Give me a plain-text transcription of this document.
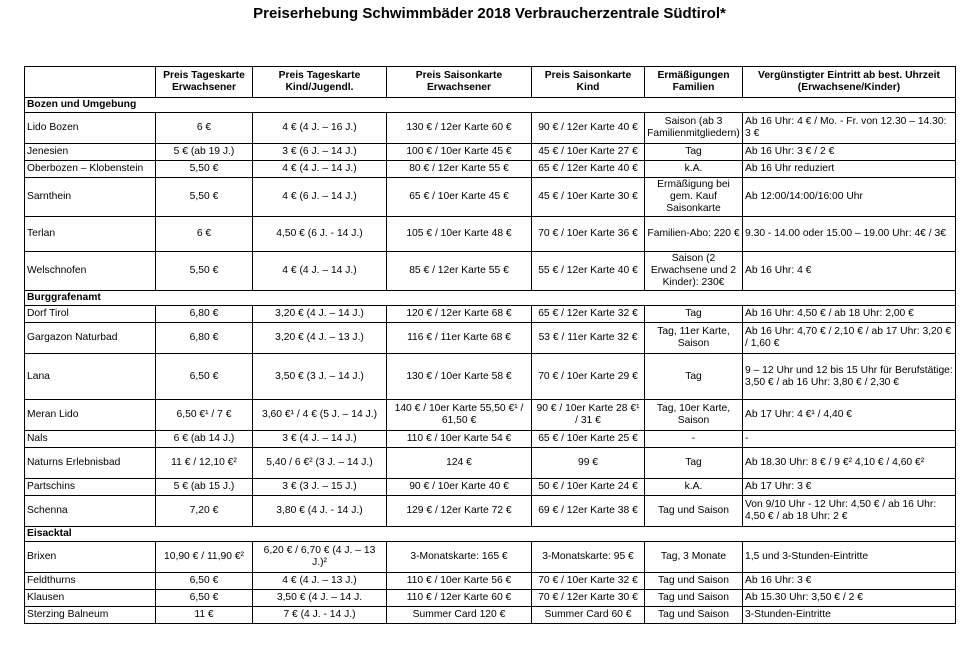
Preiserhebung Schwimmbäder 2018 Verbraucherzentrale Südtirol*
	Preis Tageskarte Erwachsener	Preis Tageskarte Kind/Jugendl.	Preis Saisonkarte Erwachsener	Preis Saisonkarte Kind	Ermäßigungen Familien	Vergünstigter Eintritt ab best. Uhrzeit (Erwachsene/Kinder)
Bozen und Umgebung						
Lido Bozen	6 €	4 € (4 J. – 16 J.)	130 € / 12er Karte 60 €	90 € / 12er Karte 40 €	Saison (ab 3 Familienmitgliedern)	Ab 16 Uhr: 4 € / Mo. - Fr. von 12.30 – 14.30: 3 €
Jenesien	5 € (ab 19 J.)	3 € (6 J. – 14 J.)	100 € / 10er Karte 45 €	45 € / 10er Karte 27 €	Tag	Ab 16 Uhr: 3 € / 2 €
Oberbozen – Klobenstein	5,50 €	4 € (4 J. – 14 J.)	80 € / 12er Karte 55 €	65 € / 12er Karte 40 €	k.A.	Ab 16 Uhr reduziert
Sarnthein	5,50 €	4 € (6 J. – 14 J.)	65 € / 10er Karte 45 €	45 € / 10er Karte 30 €	Ermäßigung bei gem. Kauf Saisonkarte	Ab 12:00/14:00/16:00 Uhr
Terlan	6 €	4,50 € (6 J. - 14 J.)	105 € / 10er Karte 48 €	70 € / 10er Karte 36 €	Familien-Abo: 220 €	9.30 - 14.00 oder 15.00 – 19.00 Uhr: 4€ / 3€
Welschnofen	5,50 €	4 € (4 J. – 14 J.)	85 € / 12er Karte 55 €	55 € / 12er Karte 40 €	Saison (2 Erwachsene und 2 Kinder): 230€	Ab 16 Uhr: 4 €
Burggrafenamt						
Dorf Tirol	6,80 €	3,20 € (4 J. – 14 J.)	120 € / 12er Karte 68 €	65 € / 12er Karte 32 €	Tag	Ab 16 Uhr: 4,50 € / ab 18 Uhr: 2,00 €
Gargazon Naturbad	6,80 €	3,20 € (4 J. – 13 J.)	116 € / 11er Karte 68 €	53 € / 11er Karte 32 €	Tag, 11er Karte, Saison	Ab 16 Uhr: 4,70 € / 2,10 € / ab 17 Uhr: 3,20 € / 1,60 €
Lana	6,50 €	3,50 € (3 J. – 14 J.)	130 € / 10er Karte 58 €	70 € / 10er Karte 29 €	Tag	9 – 12 Uhr und 12 bis 15 Uhr für Berufstätige: 3,50 € / ab 16 Uhr: 3,80 € / 2,30 €
Meran Lido	6,50 €¹ / 7 €	3,60 €¹ / 4 € (5 J. – 14 J.)	140 € / 10er Karte 55,50 €¹ / 61,50 €	90 € / 10er Karte 28 €¹ / 31 €	Tag, 10er Karte, Saison	Ab 17 Uhr: 4 €¹ / 4,40 €
Nals	6 € (ab 14 J.)	3 € (4 J. – 14 J.)	110 € / 10er Karte 54 €	65 € / 10er Karte 25 €	-	-
Naturns Erlebnisbad	11 € / 12,10 €²	5,40 / 6 €² (3 J. – 14 J.)	124 €	99 €	Tag	Ab 18.30 Uhr: 8 € / 9 €² 4,10 € / 4,60 €²
Partschins	5 € (ab 15 J.)	3 € (3 J. – 15 J.)	90 € / 10er Karte 40 €	50 € / 10er Karte 24 €	k.A.	Ab 17 Uhr: 3 €
Schenna	7,20 €	3,80 € (4 J. - 14 J.)	129 € / 12er Karte 72 €	69 € / 12er Karte 38 €	Tag und Saison	Von 9/10 Uhr - 12 Uhr: 4,50 € / ab 16 Uhr: 4,50 € / ab 18 Uhr: 2 €
Eisacktal						
Brixen	10,90 € / 11,90 €²	6,20 € / 6,70 € (4 J. – 13 J.)²	3-Monatskarte: 165 €	3-Monatskarte: 95 €	Tag, 3 Monate	1,5 und 3-Stunden-Eintritte
Feldthurns	6,50 €	4 € (4 J. – 13 J.)	110 € / 10er Karte 56 €	70 € / 10er Karte 32 €	Tag und Saison	Ab 16 Uhr: 3 €
Klausen	6,50 €	3,50 € (4 J. – 14 J.	110 € / 12er Karte 60 €	70 € / 12er Karte 30 €	Tag und Saison	Ab 15.30 Uhr: 3,50 € / 2 €
Sterzing Balneum	11 €	7 € (4 J. - 14 J.)	Summer Card 120 €	Summer Card 60 €	Tag und Saison	3-Stunden-Eintritte
